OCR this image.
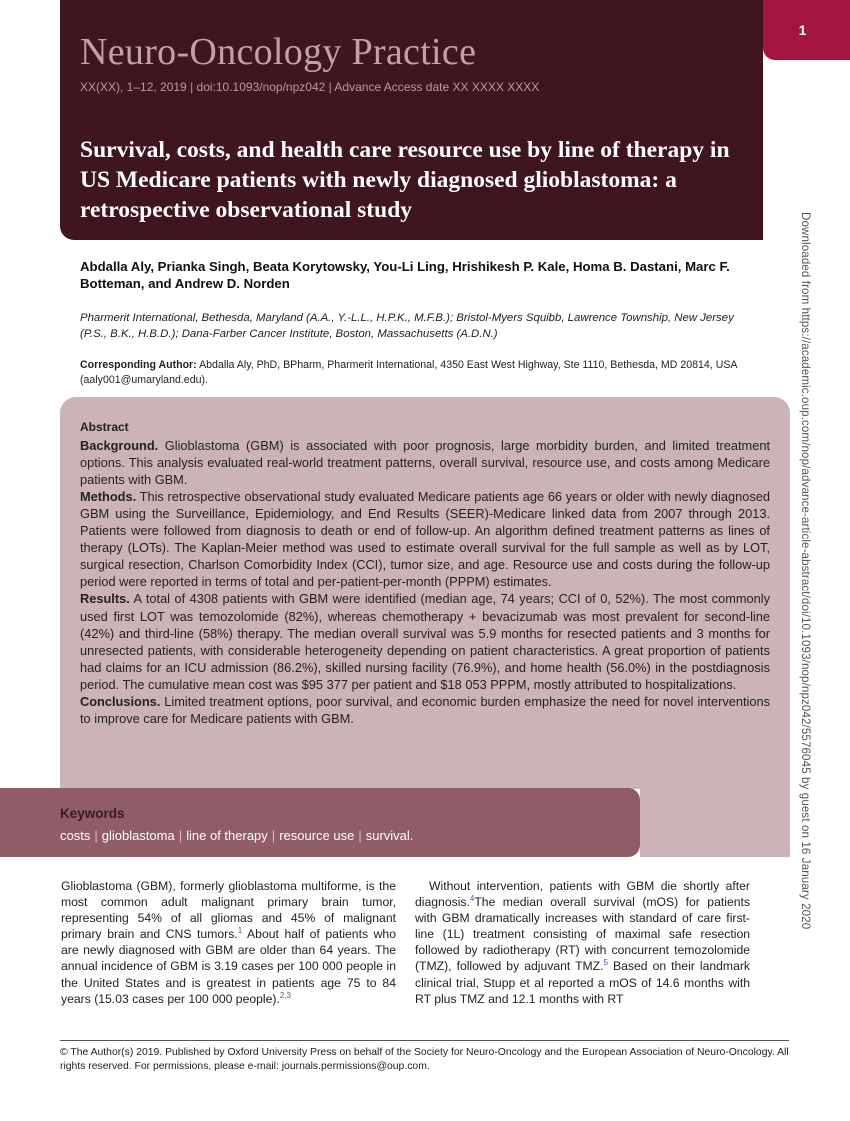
Neuro-Oncology Practice
XX(XX), 1–12, 2019 | doi:10.1093/nop/npz042 | Advance Access date XX XXXX XXXX
Survival, costs, and health care resource use by line of therapy in US Medicare patients with newly diagnosed glioblastoma: a retrospective observational study
1
Downloaded from https://academic.oup.com/nop/advance-article-abstract/doi/10.1093/nop/npz042/5576045 by guest on 16 January 2020

Abdalla Aly, Prianka Singh, Beata Korytowsky, You-Li Ling, Hrishikesh P. Kale, Homa B. Dastani, Marc F. Botteman, and Andrew D. Norden

Pharmerit International, Bethesda, Maryland (A.A., Y.-L.L., H.P.K., M.F.B.); Bristol-Myers Squibb, Lawrence Township, New Jersey (P.S., B.K., H.B.D.); Dana-Farber Cancer Institute, Boston, Massachusetts (A.D.N.)

Corresponding Author: Abdalla Aly, PhD, BPharm, Pharmerit International, 4350 East West Highway, Ste 1110, Bethesda, MD 20814, USA (aaly001@umaryland.edu).

Abstract

Background. Glioblastoma (GBM) is associated with poor prognosis, large morbidity burden, and limited treatment options. This analysis evaluated real-world treatment patterns, overall survival, resource use, and costs among Medicare patients with GBM.

Methods. This retrospective observational study evaluated Medicare patients age 66 years or older with newly diagnosed GBM using the Surveillance, Epidemiology, and End Results (SEER)-Medicare linked data from 2007 through 2013. Patients were followed from diagnosis to death or end of follow-up. An algorithm defined treatment patterns as lines of therapy (LOTs). The Kaplan-Meier method was used to estimate overall survival for the full sample as well as by LOT, surgical resection, Charlson Comorbidity Index (CCI), tumor size, and age. Resource use and costs during the follow-up period were reported in terms of total and per-patient-per-month (PPPM) estimates.

Results. A total of 4308 patients with GBM were identified (median age, 74 years; CCI of 0, 52%). The most commonly used first LOT was temozolomide (82%), whereas chemotherapy + bevacizumab was most prevalent for second-line (42%) and third-line (58%) therapy. The median overall survival was 5.9 months for resected patients and 3 months for unresected patients, with considerable heterogeneity depending on patient characteristics. A great proportion of patients had claims for an ICU admission (86.2%), skilled nursing facility (76.9%), and home health (56.0%) in the postdiagnosis period. The cumulative mean cost was $95 377 per patient and $18 053 PPPM, mostly attributed to hospitalizations.

Conclusions. Limited treatment options, poor survival, and economic burden emphasize the need for novel interventions to improve care for Medicare patients with GBM.

Keywords
costs | glioblastoma | line of therapy | resource use | survival.

Glioblastoma (GBM), formerly glioblastoma multiforme, is the most common adult malignant primary brain tumor, representing 54% of all gliomas and 45% of malignant primary brain and CNS tumors.$^1$ About half of patients who are newly diagnosed with GBM are older than 64 years. The annual incidence of GBM is 3.19 cases per 100 000 people in the United States and is greatest in patients age 75 to 84 years (15.03 cases per 100 000 people).$^{2,3}$

Without intervention, patients with GBM die shortly after diagnosis.$^4$The median overall survival (mOS) for patients with GBM dramatically increases with standard of care first-line (1L) treatment consisting of maximal safe resection followed by radiotherapy (RT) with concurrent temozolomide (TMZ), followed by adjuvant TMZ.$^5$ Based on their landmark clinical trial, Stupp et al reported a mOS of 14.6 months with RT plus TMZ and 12.1 months with RT

© The Author(s) 2019. Published by Oxford University Press on behalf of the Society for Neuro-Oncology and the European Association of Neuro-Oncology. All rights reserved. For permissions, please e-mail: journals.permissions@oup.com.
